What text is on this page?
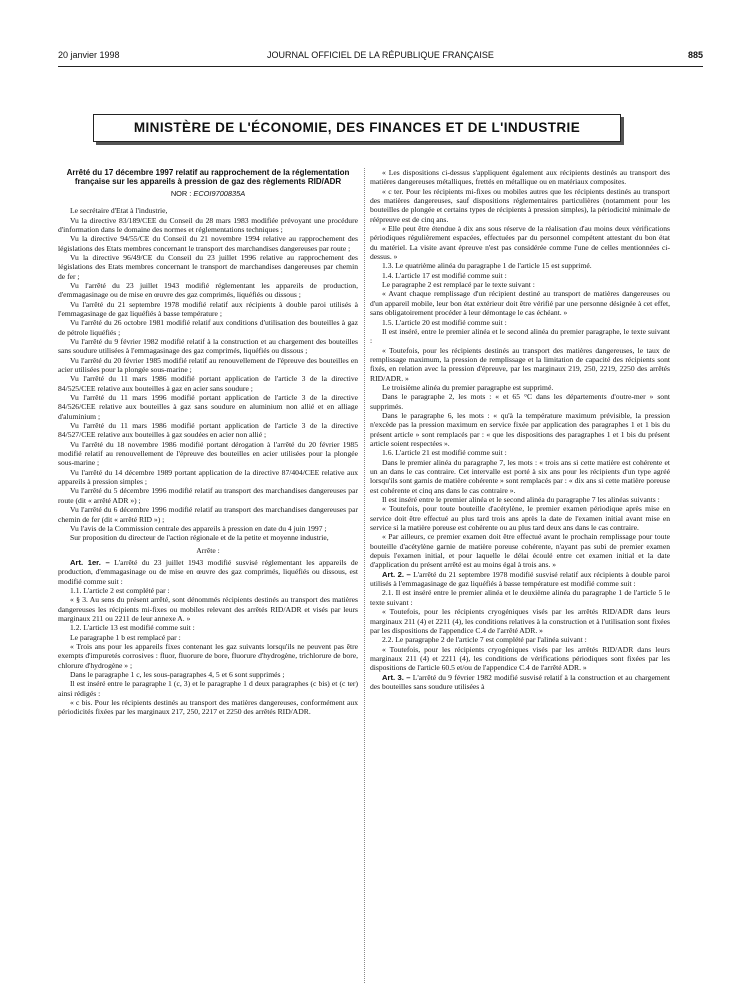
20 janvier 1998	JOURNAL OFFICIEL DE LA RÉPUBLIQUE FRANÇAISE	885
MINISTÈRE DE L'ÉCONOMIE, DES FINANCES ET DE L'INDUSTRIE

Arrêté du 17 décembre 1997 relatif au rapprochement de la réglementation française sur les appareils à pression de gaz des règlements RID/ADR

NOR : ECOI9700835A

Le secrétaire d'Etat à l'industrie,

Vu la directive 83/189/CEE du Conseil du 28 mars 1983 modifiée prévoyant une procédure d'information dans le domaine des normes et réglementations techniques ;

Vu la directive 94/55/CE du Conseil du 21 novembre 1994 relative au rapprochement des législations des Etats membres concernant le transport des marchandises dangereuses par route ;

Vu la directive 96/49/CE du Conseil du 23 juillet 1996 relative au rapprochement des législations des Etats membres concernant le transport de marchandises dangereuses par chemin de fer ;

Vu l'arrêté du 23 juillet 1943 modifié réglementant les appareils de production, d'emmagasinage ou de mise en œuvre des gaz comprimés, liquéfiés ou dissous ;

Vu l'arrêté du 21 septembre 1978 modifié relatif aux récipients à double paroi utilisés à l'emmagasinage de gaz liquéfiés à basse température ;

Vu l'arrêté du 26 octobre 1981 modifié relatif aux conditions d'utilisation des bouteilles à gaz de pétrole liquéfiés ;

Vu l'arrêté du 9 février 1982 modifié relatif à la construction et au chargement des bouteilles sans soudure utilisées à l'emmagasinage des gaz comprimés, liquéfiés ou dissous ;

Vu l'arrêté du 20 février 1985 modifié relatif au renouvellement de l'épreuve des bouteilles en acier utilisées pour la plongée sous-marine ;

Vu l'arrêté du 11 mars 1986 modifié portant application de l'article 3 de la directive 84/525/CEE relative aux bouteilles à gaz en acier sans soudure ;

Vu l'arrêté du 11 mars 1996 modifié portant application de l'article 3 de la directive 84/526/CEE relative aux bouteilles à gaz sans soudure en aluminium non allié et en alliage d'aluminium ;

Vu l'arrêté du 11 mars 1986 modifié portant application de l'article 3 de la directive 84/527/CEE relative aux bouteilles à gaz soudées en acier non allié ;

Vu l'arrêté du 18 novembre 1986 modifié portant dérogation à l'arrêté du 20 février 1985 modifié relatif au renouvellement de l'épreuve des bouteilles en acier utilisées pour la plongée sous-marine ;

Vu l'arrêté du 14 décembre 1989 portant application de la directive 87/404/CEE relative aux appareils à pression simples ;

Vu l'arrêté du 5 décembre 1996 modifié relatif au transport des marchandises dangereuses par route (dit « arrêté ADR ») ;

Vu l'arrêté du 6 décembre 1996 modifié relatif au transport des marchandises dangereuses par chemin de fer (dit « arrêté RID ») ;

Vu l'avis de la Commission centrale des appareils à pression en date du 4 juin 1997 ;

Sur proposition du directeur de l'action régionale et de la petite et moyenne industrie,

Arrête :

Art. 1er. – L'arrêté du 23 juillet 1943 modifié susvisé réglementant les appareils de production, d'emmagasinage ou de mise en œuvre des gaz comprimés, liquéfiés ou dissous, est modifié comme suit :

1.1. L'article 2 est complété par :

« § 3. Au sens du présent arrêté, sont dénommés récipients destinés au transport des matières dangereuses les récipients mi-fixes ou mobiles relevant des arrêtés RID/ADR et visés par leurs marginaux 211 ou 2211 de leur annexe A. »

1.2. L'article 13 est modifié comme suit :

Le paragraphe 1 b est remplacé par :

« Trois ans pour les appareils fixes contenant les gaz suivants lorsqu'ils ne peuvent pas être exempts d'impuretés corrosives : fluor, fluorure de bore, fluorure d'hydrogène, trichlorure de bore, chlorure d'hydrogène » ;

Dans le paragraphe 1 c, les sous-paragraphes 4, 5 et 6 sont supprimés ;

Il est inséré entre le paragraphe 1 (c, 3) et le paragraphe 1 d deux paragraphes (c bis) et (c ter) ainsi rédigés :

« c bis. Pour les récipients destinés au transport des matières dangereuses, conformément aux périodicités fixées par les marginaux 217, 250, 2217 et 2250 des arrêtés RID/ADR.

« Les dispositions ci-dessus s'appliquent également aux récipients destinés au transport des matières dangereuses métalliques, frettés en métallique ou en matériaux composites.

« c ter. Pour les récipients mi-fixes ou mobiles autres que les récipients destinés au transport des matières dangereuses, sauf dispositions réglementaires particulières (notamment pour les bouteilles de plongée et certains types de récipients à pression simples), la périodicité minimale de réépreuve est de cinq ans.

« Elle peut être étendue à dix ans sous réserve de la réalisation d'au moins deux vérifications périodiques régulièrement espacées, effectuées par du personnel compétent attestant du bon état du matériel. La visite avant épreuve n'est pas considérée comme l'une de celles mentionnées ci-dessus. »

1.3. Le quatrième alinéa du paragraphe 1 de l'article 15 est supprimé.

1.4. L'article 17 est modifié comme suit :

Le paragraphe 2 est remplacé par le texte suivant :

« Avant chaque remplissage d'un récipient destiné au transport de matières dangereuses ou d'un appareil mobile, leur bon état extérieur doit être vérifié par une personne désignée à cet effet, sans obligatoirement procéder à leur démontage le cas échéant. »

1.5. L'article 20 est modifié comme suit :

Il est inséré, entre le premier alinéa et le second alinéa du premier paragraphe, le texte suivant :

« Toutefois, pour les récipients destinés au transport des matières dangereuses, le taux de remplissage maximum, la pression de remplissage et la limitation de capacité des récipients sont fixés, en relation avec la pression d'épreuve, par les marginaux 219, 250, 2219, 2250 des arrêtés RID/ADR. »

Le troisième alinéa du premier paragraphe est supprimé.

Dans le paragraphe 2, les mots : « et 65 °C dans les départements d'outre-mer » sont supprimés.

Dans le paragraphe 6, les mots : « qu'à la température maximum prévisible, la pression n'excède pas la pression maximum en service fixée par application des paragraphes 1 et 1 bis du présent article » sont remplacés par : « que les dispositions des paragraphes 1 et 1 bis du présent article soient respectées ».

1.6. L'article 21 est modifié comme suit :

Dans le premier alinéa du paragraphe 7, les mots : « trois ans si cette matière est cohérente et un an dans le cas contraire. Cet intervalle est porté à six ans pour les récipients d'un type agréé lorsqu'ils sont garnis de matière cohérente » sont remplacés par : « dix ans si cette matière poreuse est cohérente et cinq ans dans le cas contraire ».

Il est inséré entre le premier alinéa et le second alinéa du paragraphe 7 les alinéas suivants :

« Toutefois, pour toute bouteille d'acétylène, le premier examen périodique après mise en service doit être effectué au plus tard trois ans après la date de l'examen initial avant mise en service si la matière poreuse est cohérente ou au plus tard deux ans dans le cas contraire.

« Par ailleurs, ce premier examen doit être effectué avant le prochain remplissage pour toute bouteille d'acétylène garnie de matière poreuse cohérente, n'ayant pas subi de premier examen depuis l'examen initial, et pour laquelle le délai écoulé entre cet examen initial et la date d'application du présent arrêté est au moins égal à trois ans. »

Art. 2. – L'arrêté du 21 septembre 1978 modifié susvisé relatif aux récipients à double paroi utilisés à l'emmagasinage de gaz liquéfiés à basse température est modifié comme suit :

2.1. Il est inséré entre le premier alinéa et le deuxième alinéa du paragraphe 1 de l'article 5 le texte suivant :

« Toutefois, pour les récipients cryogéniques visés par les arrêtés RID/ADR dans leurs marginaux 211 (4) et 2211 (4), les conditions relatives à la construction et à l'utilisation sont fixées par les dispositions de l'appendice C.4 de l'arrêté ADR. »

2.2. Le paragraphe 2 de l'article 7 est complété par l'alinéa suivant :

« Toutefois, pour les récipients cryogéniques visés par les arrêtés RID/ADR dans leurs marginaux 211 (4) et 2211 (4), les conditions de vérifications périodiques sont fixées par les dispositions de l'article 60.5 et/ou de l'appendice C.4 de l'arrêté ADR. »

Art. 3. – L'arrêté du 9 février 1982 modifié susvisé relatif à la construction et au chargement des bouteilles sans soudure utilisées à
